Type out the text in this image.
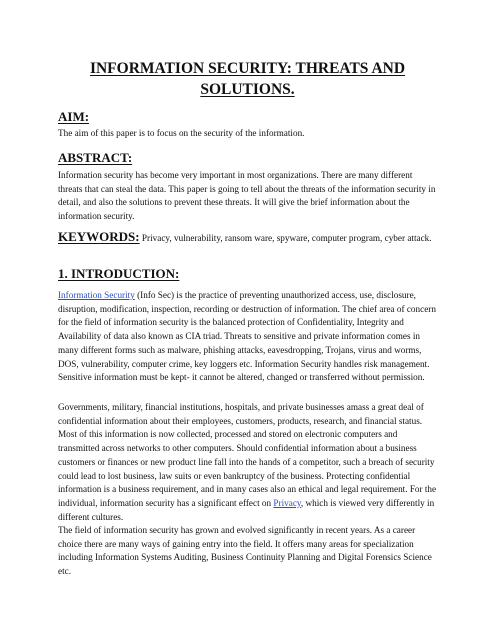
INFORMATION SECURITY: THREATS AND SOLUTIONS.
AIM:
The aim of this paper is to focus on the security of the information.
ABSTRACT:
Information security has become very important in most organizations. There are many different threats that can steal the data. This paper is going to tell about the threats of the information security in detail, and also the solutions to prevent these threats. It will give the brief information about the information security.
KEYWORDS: Privacy, vulnerability, ransom ware, spyware, computer program, cyber attack.
1. INTRODUCTION:
Information Security (Info Sec) is the practice of preventing unauthorized access, use, disclosure, disruption, modification, inspection, recording or destruction of information. The chief area of concern for the field of information security is the balanced protection of Confidentiality, Integrity and Availability of data also known as CIA triad. Threats to sensitive and private information comes in many different forms such as malware, phishing attacks, eavesdropping, Trojans, virus and worms, DOS, vulnerability, computer crime, key loggers etc. Information Security handles risk management. Sensitive information must be kept- it cannot be altered, changed or transferred without permission.
Governments, military, financial institutions, hospitals, and private businesses amass a great deal of confidential information about their employees, customers, products, research, and financial status. Most of this information is now collected, processed and stored on electronic computers and transmitted across networks to other computers. Should confidential information about a business customers or finances or new product line fall into the hands of a competitor, such a breach of security could lead to lost business, law suits or even bankruptcy of the business. Protecting confidential information is a business requirement, and in many cases also an ethical and legal requirement. For the individual, information security has a significant effect on Privacy, which is viewed very differently in different cultures.
The field of information security has grown and evolved significantly in recent years. As a career choice there are many ways of gaining entry into the field. It offers many areas for specialization including Information Systems Auditing, Business Continuity Planning and Digital Forensics Science etc.
